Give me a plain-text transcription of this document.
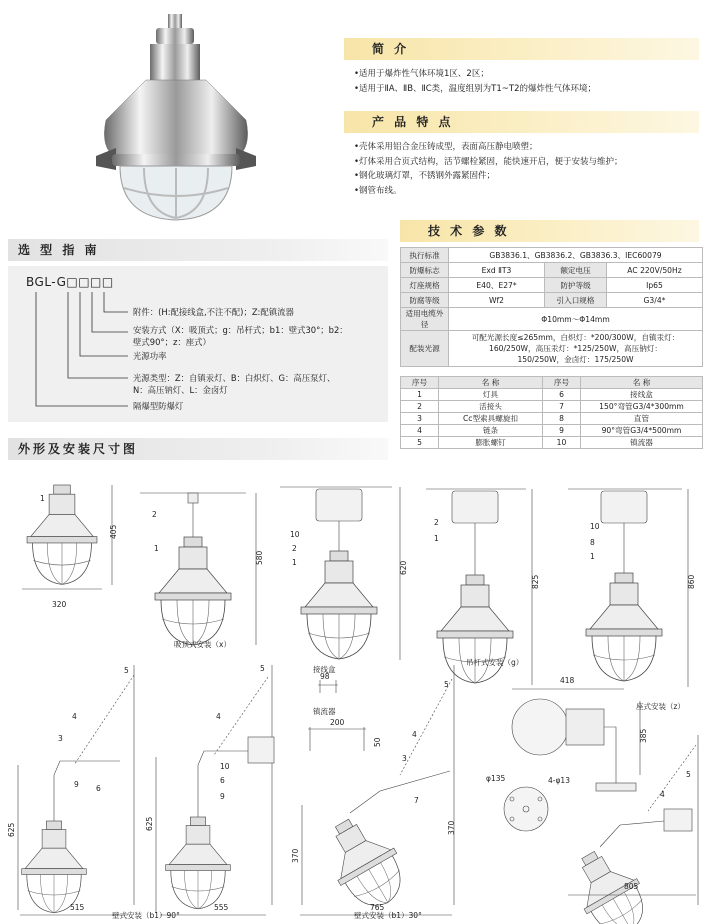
简 介
• 适用于爆炸性气体环境1区、2区；
• 适用于ⅡA、ⅡB、ⅡC类，温度组别为T1~T2的爆炸性气体环境；
产 品 特 点
• 壳体采用铝合金压铸成型，表面高压静电喷塑；
• 灯体采用合页式结构，活节螺栓紧固，能快速开启，便于安装与维护；
• 钢化玻璃灯罩，不锈钢外露紧固件；
• 钢管布线。
技 术 参 数
执行标准	GB3836.1、GB3836.2、GB3836.3、IEC60079		
防爆标志	Exd ⅡT3	额定电压	AC 220V/50Hz
灯座规格	E40、E27*	防护等级	Ip65
防腐等级	Wf2	引入口规格	G3/4*
适用电缆外径	Φ10mm～Φ14mm		
配装光源	可配光源长度≤265mm，白炽灯：*200/300W，自镇汞灯：
160/250W，高压汞灯：*125/250W，高压钠灯：
150/250W，金卤灯：175/250W		
选 型 指 南
BGL-G□□□□
附件：(H:配接线盒,不注不配)；Z:配镇流器
安装方式（X：吸顶式；g：吊杆式；b1：壁式30°；b2：
壁式90°；z：座式）
光源功率
光源类型：Z：自镇汞灯、B：白炽灯、G：高压泵灯、
N：高压钠灯、L：金卤灯
隔爆型防爆灯
序号	名 称	序号	名 称
1	灯具	6	接线盒
2	活接头	7	150°弯管G3/4*300mm
3	Cc型索具螺旋扣	8	直管
4	链条	9	90°弯管G3/4*500mm
5	膨胀螺钉	10	镇流器
外形及安装尺寸图
320
405
580
620
825	860
98
200
50
418
385
625
515
625
555
370
765
370
805
φ135	4-φ13
1
2
1
10
2
1
2
1
10
8
1
5
4
3
9 6
5
4
10
6
9
5
4
3
7
5
4
吸顶式安装（x）
吊杆式安装（g）
座式安装（z）
壁式安装（b1）90°	壁式安装（b1）30°
接线盒
镇流器
